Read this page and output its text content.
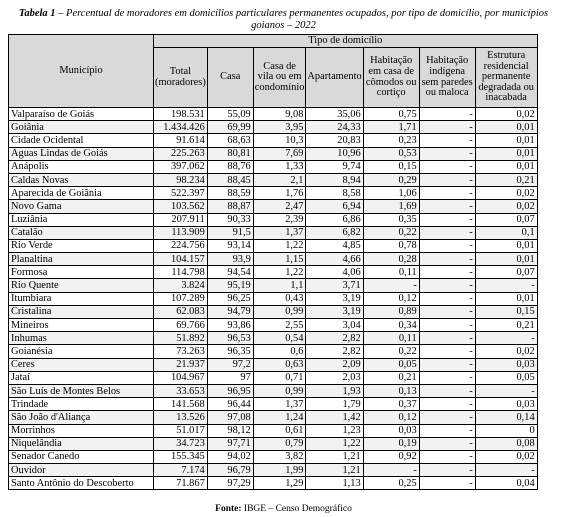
Tabela 1 – Percentual de moradores em domicílios particulares permanentes ocupados, por tipo de domicílio, por municípios goianos – 2022
Município	Tipo de domicílio						
	Total (moradores)	Casa	Casa de vila ou em condomínio	Apartamento	Habitação em casa de cômodos ou cortiço	Habitação indígena sem paredes ou maloca	Estrutura residencial permanente degradada ou inacabada
Valparaíso de Goiás	198.531	55,09	9,08	35,06	0,75	-	0,02
Goiânia	1.434.426	69,99	3,95	24,33	1,71	-	0,01
Cidade Ocidental	91.614	68,63	10,3	20,83	0,23	-	0,01
Águas Lindas de Goiás	225.263	80,81	7,69	10,96	0,53	-	0,01
Anápolis	397.062	88,76	1,33	9,74	0,15	-	0,01
Caldas Novas	98.234	88,45	2,1	8,94	0,29	-	0,21
Aparecida de Goiânia	522.397	88,59	1,76	8,58	1,06	-	0,02
Novo Gama	103.562	88,87	2,47	6,94	1,69	-	0,02
Luziânia	207.911	90,33	2,39	6,86	0,35	-	0,07
Catalão	113.909	91,5	1,37	6,82	0,22	-	0,1
Rio Verde	224.756	93,14	1,22	4,85	0,78	-	0,01
Planaltina	104.157	93,9	1,15	4,66	0,28	-	0,01
Formosa	114.798	94,54	1,22	4,06	0,11	-	0,07
Rio Quente	3.824	95,19	1,1	3,71	-	-	-
Itumbiara	107.289	96,25	0,43	3,19	0,12	-	0,01
Cristalina	62.083	94,79	0,99	3,19	0,89	-	0,15
Mineiros	69.766	93,86	2,55	3,04	0,34	-	0,21
Inhumas	51.892	96,53	0,54	2,82	0,11	-	-
Goianésia	73.263	96,35	0,6	2,82	0,22	-	0,02
Ceres	21.937	97,2	0,63	2,09	0,05	-	0,03
Jataí	104.967	97	0,71	2,03	0,21	-	0,05
São Luís de Montes Belos	33.653	96,95	0,99	1,93	0,13	-	-
Trindade	141.568	96,44	1,37	1,79	0,37	-	0,03
São João d'Aliança	13.526	97,08	1,24	1,42	0,12	-	0,14
Morrinhos	51.017	98,12	0,61	1,23	0,03	-	0
Niquelândia	34.723	97,71	0,79	1,22	0,19	-	0,08
Senador Canedo	155.345	94,02	3,82	1,21	0,92	-	0,02
Ouvidor	7.174	96,79	1,99	1,21	-	-	-
Santo Antônio do Descoberto	71.867	97,29	1,29	1,13	0,25	-	0,04
Fonte: IBGE – Censo Demográfico
